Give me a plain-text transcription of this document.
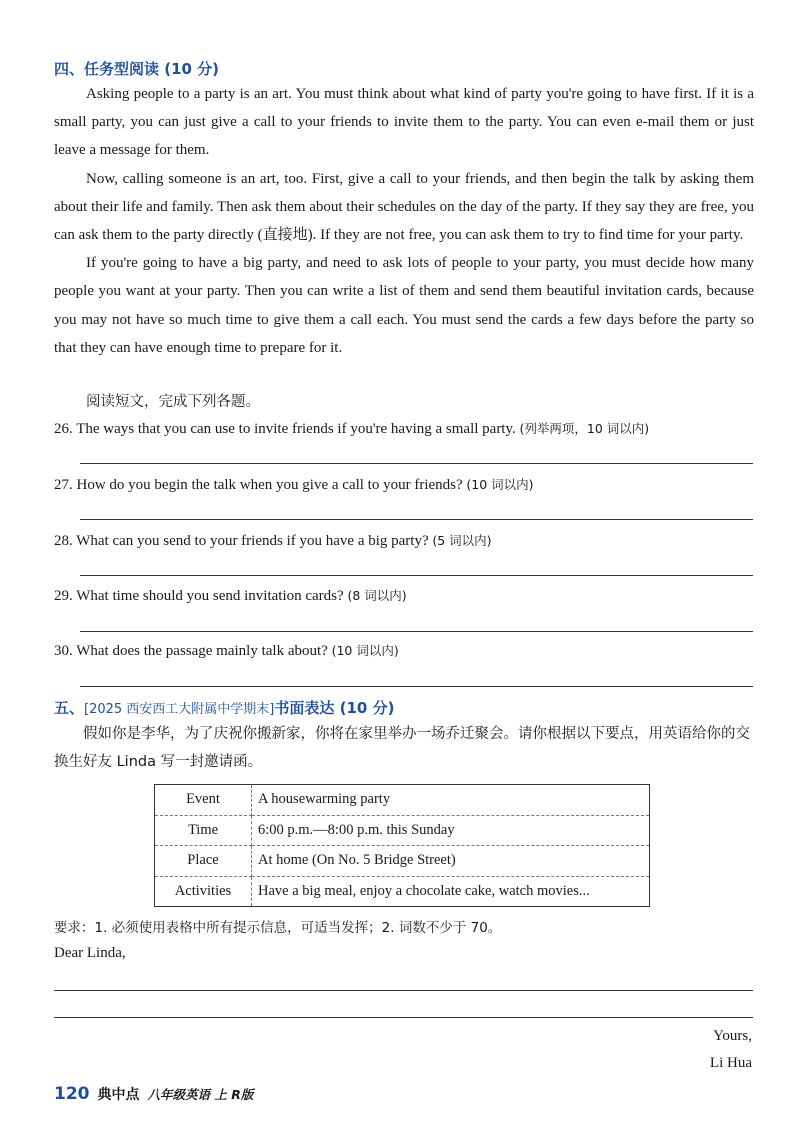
四、任务型阅读 (10 分)

Asking people to a party is an art. You must think about what kind of party you're going to have first. If it is a small party, you can just give a call to your friends to invite them to the party. You can even e-mail them or just leave a message for them.

Now, calling someone is an art, too. First, give a call to your friends, and then begin the talk by asking them about their life and family. Then ask them about their schedules on the day of the party. If they say they are free, you can ask them to the party directly (直接地). If they are not free, you can ask them to try to find time for your party.

If you're going to have a big party, and need to ask lots of people to your party, you must decide how many people you want at your party. Then you can write a list of them and send them beautiful invitation cards, because you may not have so much time to give them a call each. You must send the cards a few days before the party so that they can have enough time to prepare for it.

阅读短文，完成下列各题。
26. The ways that you can use to invite friends if you're having a small party. (列举两项，10 词以内)
27. How do you begin the talk when you give a call to your friends? (10 词以内)
28. What can you send to your friends if you have a big party? (5 词以内)
29. What time should you send invitation cards? (8 词以内)
30. What does the passage mainly talk about? (10 词以内)
五、[2025 西安西工大附属中学期末]书面表达 (10 分)

假如你是李华，为了庆祝你搬新家，你将在家里举办一场乔迁聚会。请你根据以下要点，用英语给你的交换生好友 Linda 写一封邀请函。

Event	A housewarming party
Time	6:00 p.m.—8:00 p.m. this Sunday
Place	At home (On No. 5 Bridge Street)
Activities	Have a big meal, enjoy a chocolate cake, watch movies...
要求：1. 必须使用表格中所有提示信息，可适当发挥；2. 词数不少于 70。
Dear Linda,
Yours,
Li Hua
120 典中点 八年级英语 上 R版
